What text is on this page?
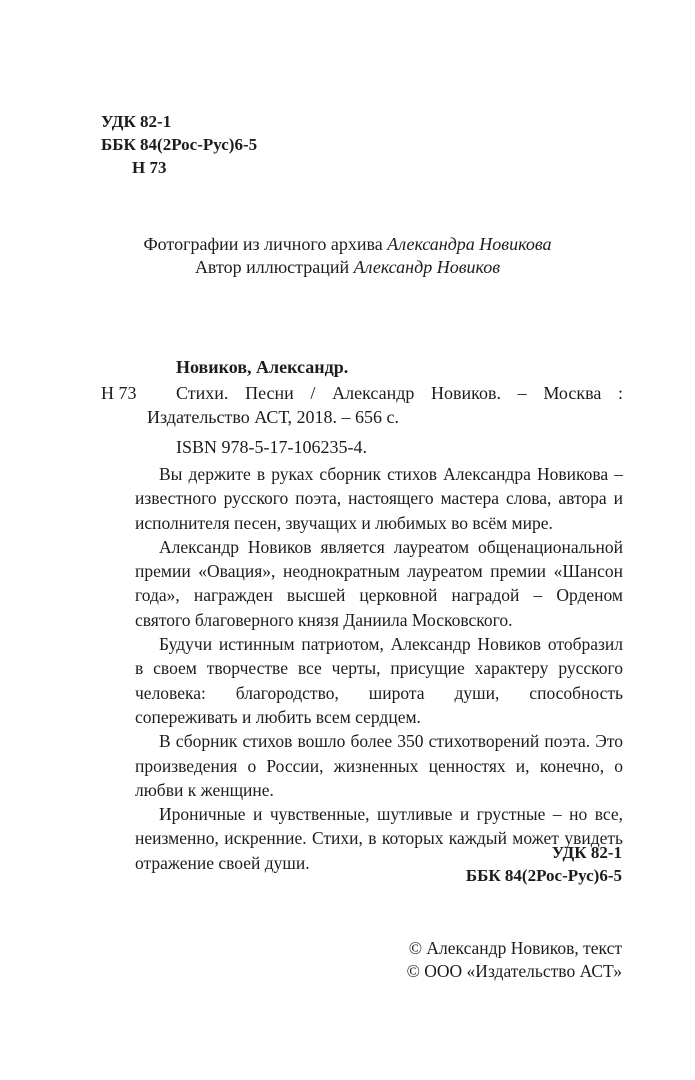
УДК 82-1
ББК 84(2Рос-Рус)6-5
Н 73
Фотографии из личного архива Александра Новикова
Автор иллюстраций Александр Новиков
Новиков, Александр.
Н 73 Стихи. Песни / Александр Новиков. – Москва :
Издательство АСТ, 2018. – 656 с.
ISBN 978-5-17-106235-4.

Вы держите в руках сборник стихов Александра Новикова – известного русского поэта, настоящего мастера слова, автора и исполнителя песен, звучащих и любимых во всём мире.

Александр Новиков является лауреатом общенациональной премии «Овация», неоднократным лауреатом премии «Шансон года», награжден высшей церковной наградой – Орденом святого благоверного князя Даниила Московского.

Будучи истинным патриотом, Александр Новиков отобразил в своем творчестве все черты, присущие характеру русского человека: благородство, широта души, способность сопереживать и любить всем сердцем.

В сборник стихов вошло более 350 стихотворений поэта. Это произведения о России, жизненных ценностях и, конечно, о любви к женщине.

Ироничные и чувственные, шутливые и грустные – но все, неизменно, искренние. Стихи, в которых каждый может увидеть отражение своей души.

УДК 82-1
ББК 84(2Рос-Рус)6-5
© Александр Новиков, текст
© ООО «Издательство АСТ»
